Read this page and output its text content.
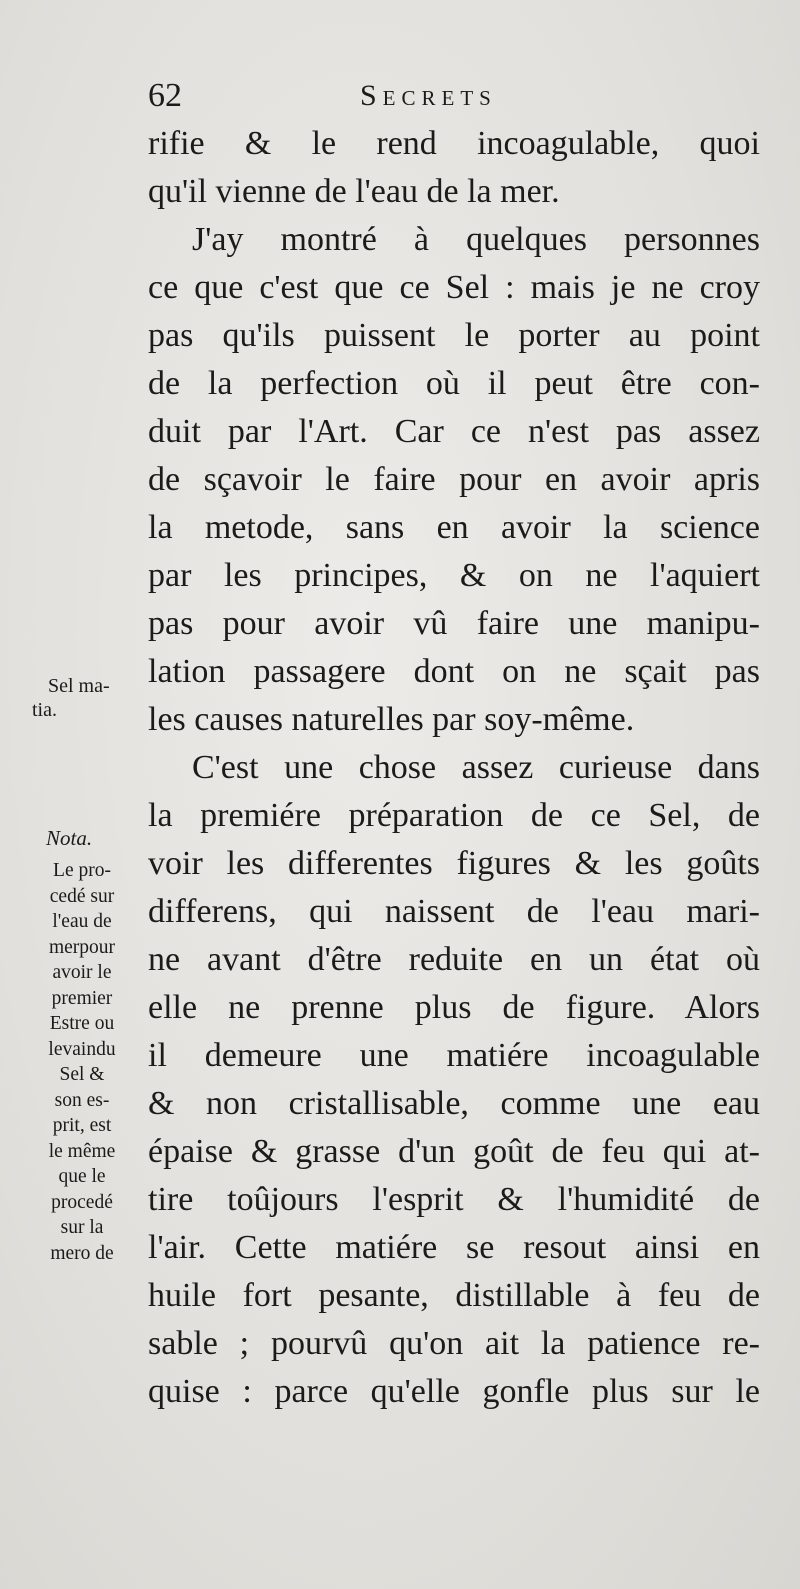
62	Secrets
rifie & le rend incoagulable, quoi
qu'il vienne de l'eau de la mer.
J'ay montré à quelques personnes
ce que c'est que ce Sel : mais je ne croy
pas qu'ils puissent le porter au point
de la perfection où il peut être con-
duit par l'Art. Car ce n'est pas assez
de sçavoir le faire pour en avoir apris
la metode, sans en avoir la science
par les principes, & on ne l'aquiert
pas pour avoir vû faire une manipu-
lation passagere dont on ne sçait pas
les causes naturelles par soy-même.
C'est une chose assez curieuse dans
la premiére préparation de ce Sel, de
voir les differentes figures & les goûts
differens, qui naissent de l'eau mari-
ne avant d'être reduite en un état où
elle ne prenne plus de figure. Alors
il demeure une matiére incoagulable
& non cristallisable, comme une eau
épaise & grasse d'un goût de feu qui at-
tire toûjours l'esprit & l'humidité de
l'air. Cette matiére se resout ainsi en
huile fort pesante, distillable à feu de
sable ; pourvû qu'on ait la patience re-
quise : parce qu'elle gonfle plus sur le
Sel ma-
tia.
Nota.
Le pro-
cedé sur
l'eau de
merpour
avoir le
premier
Estre ou
levaindu
Sel &
son es-
prit, est
le même
que le
procedé
sur la
mero de
